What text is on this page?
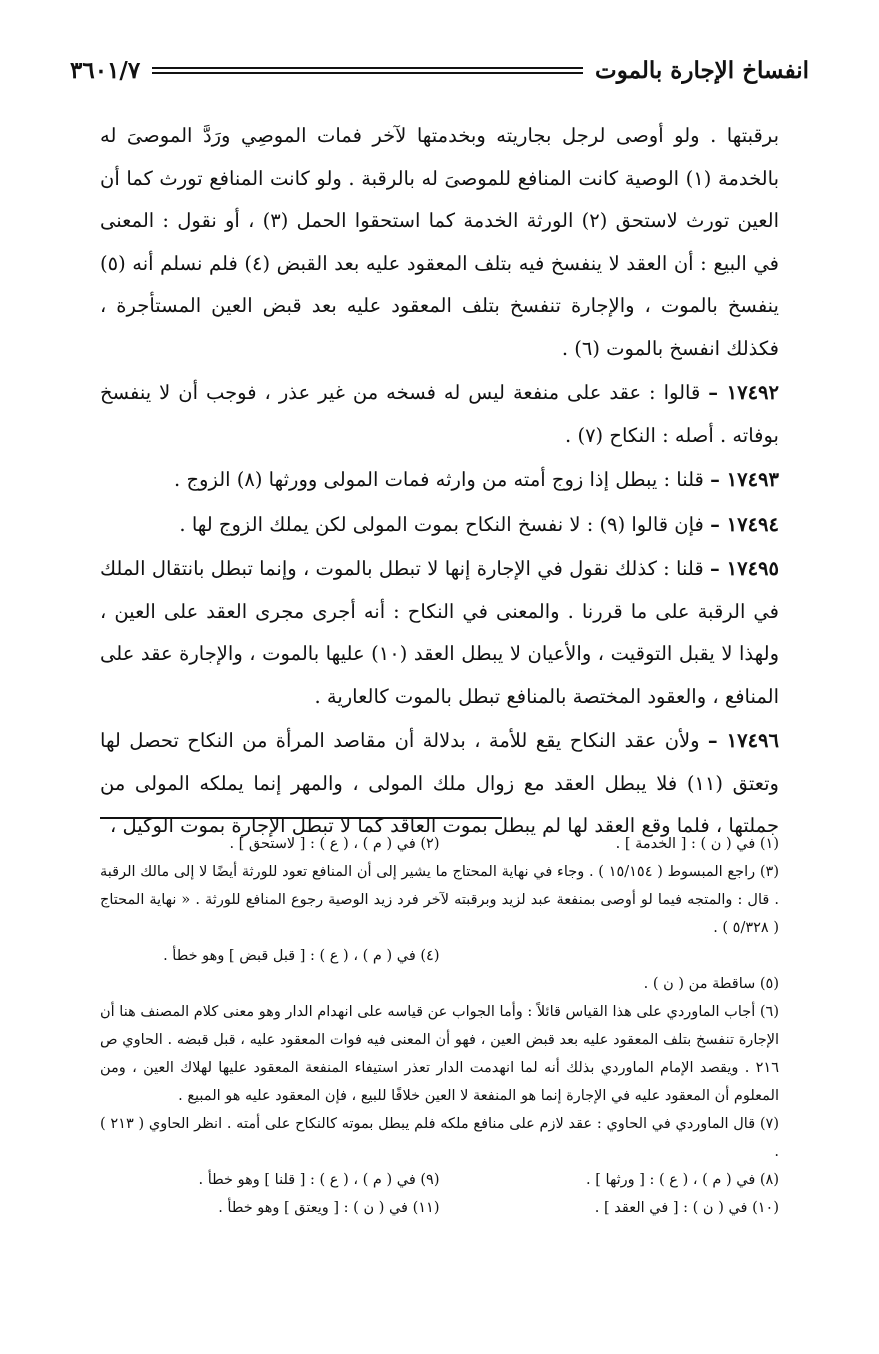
انفساخ الإجارة بالموت
٣٦٠١/٧

برقبتها . ولو أوصى لرجل بجاريته وبخدمتها لآخر فمات الموصِي ورَدَّ الموصىَ له بالخدمة (١) الوصية كانت المنافع للموصىَ له بالرقبة . ولو كانت المنافع تورث كما أن العين تورث لاستحق (٢) الورثة الخدمة كما استحقوا الحمل (٣) ، أو نقول : المعنى في البيع : أن العقد لا ينفسخ فيه بتلف المعقود عليه بعد القبض (٤) فلم نسلم أنه (٥) ينفسخ بالموت ، والإجارة تنفسخ بتلف المعقود عليه بعد قبض العين المستأجرة ، فكذلك انفسخ بالموت (٦) .

١٧٤٩٢ – قالوا : عقد على منفعة ليس له فسخه من غير عذر ، فوجب أن لا ينفسخ بوفاته . أصله : النكاح (٧) .

١٧٤٩٣ – قلنا : يبطل إذا زوج أمته من وارثه فمات المولى وورثها (٨) الزوج .

١٧٤٩٤ – فإن قالوا (٩) : لا نفسخ النكاح بموت المولى لكن يملك الزوج لها .

١٧٤٩٥ – قلنا : كذلك نقول في الإجارة إنها لا تبطل بالموت ، وإنما تبطل بانتقال الملك في الرقبة على ما قررنا . والمعنى في النكاح : أنه أجرى مجرى العقد على العين ، ولهذا لا يقبل التوقيت ، والأعيان لا يبطل العقد (١٠) عليها بالموت ، والإجارة عقد على المنافع ، والعقود المختصة بالمنافع تبطل بالموت كالعارية .

١٧٤٩٦ – ولأن عقد النكاح يقع للأمة ، بدلالة أن مقاصد المرأة من النكاح تحصل لها وتعتق (١١) فلا يبطل العقد مع زوال ملك المولى ، والمهر إنما يملكه المولى من جملتها ، فلما وقع العقد لها لم يبطل بموت العاقد كما لا تبطل الإجارة بموت الوكيل ،

(١) في ( ن ) : [ الخدمة ] .
(٢) في ( م ) ، ( ع ) : [ لاستحق ] .

(٣) راجع المبسوط ( ١٥/١٥٤ ) . وجاء في نهاية المحتاج ما يشير إلى أن المنافع تعود للورثة أيضًا لا إلى مالك الرقبة . قال : والمتجه فيما لو أوصى بمنفعة عبد لزيد وبرقبته لآخر فرد زيد الوصية رجوع المنافع للورثة . « نهاية المحتاج ( ٥/٣٢٨ ) .

(٤) في ( م ) ، ( ع ) : [ قبل قبض ] وهو خطأ .

(٥) ساقطة من ( ن ) .

(٦) أجاب الماوردي على هذا القياس قائلاً : وأما الجواب عن قياسه على انهدام الدار وهو معنى كلام المصنف هنا أن الإجارة تنفسخ بتلف المعقود عليه بعد قبض العين ، فهو أن المعنى فيه فوات المعقود عليه ، قبل قبضه . الحاوي ص ٢١٦ . ويقصد الإمام الماوردي بذلك أنه لما انهدمت الدار تعذر استيفاء المنفعة المعقود عليها لهلاك العين ، ومن المعلوم أن المعقود عليه في الإجارة إنما هو المنفعة لا العين خلافًا للبيع ، فإن المعقود عليه هو المبيع .

(٧) قال الماوردي في الحاوي : عقد لازم على منافع ملكه فلم يبطل بموته كالنكاح على أمته . انظر الحاوي ( ٢١٣ ) .

(٨) في ( م ) ، ( ع ) : [ ورثها ] .
(٩) في ( م ) ، ( ع ) : [ قلنا ] وهو خطأ .
(١٠) في ( ن ) : [ في العقد ] .
(١١) في ( ن ) : [ ويعتق ] وهو خطأ .
